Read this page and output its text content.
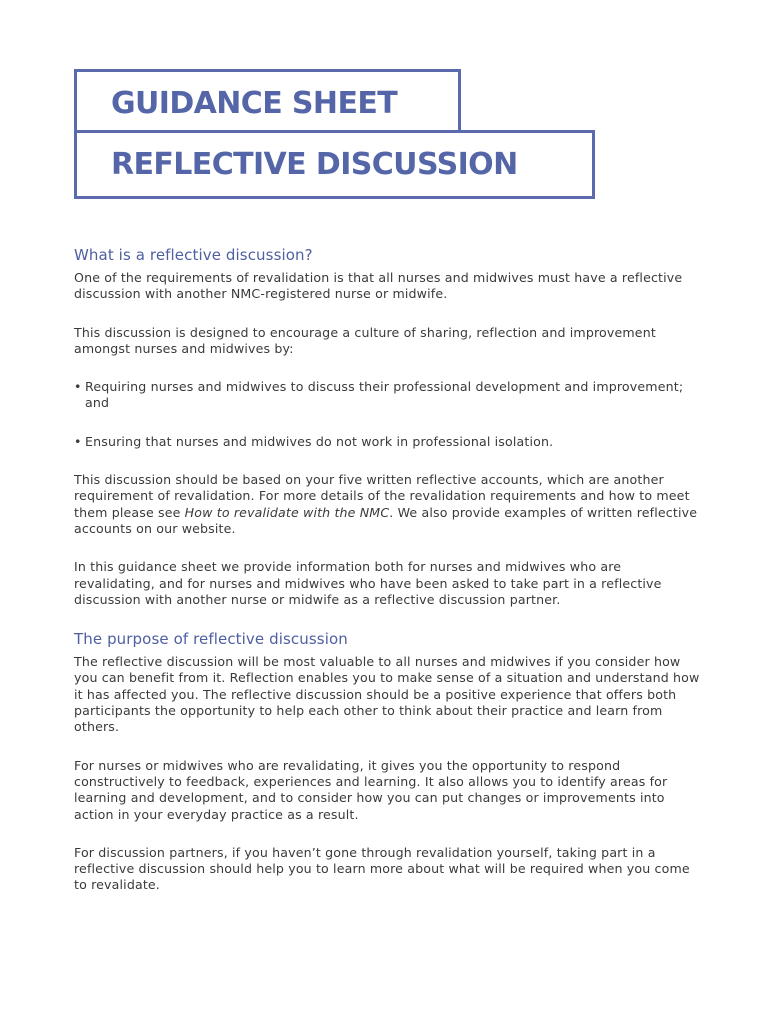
GUIDANCE SHEET
REFLECTIVE DISCUSSION
What is a reflective discussion?

One of the requirements of revalidation is that all nurses and midwives must have a reflective discussion with another NMC-registered nurse or midwife.

This discussion is designed to encourage a culture of sharing, reflection and improvement amongst nurses and midwives by:

• Requiring nurses and midwives to discuss their professional development and improvement; and
• Ensuring that nurses and midwives do not work in professional isolation.

This discussion should be based on your five written reflective accounts, which are another requirement of revalidation. For more details of the revalidation requirements and how to meet them please see How to revalidate with the NMC. We also provide examples of written reflective accounts on our website.

In this guidance sheet we provide information both for nurses and midwives who are revalidating, and for nurses and midwives who have been asked to take part in a reflective discussion with another nurse or midwife as a reflective discussion partner.

The purpose of reflective discussion

The reflective discussion will be most valuable to all nurses and midwives if you consider how you can benefit from it. Reflection enables you to make sense of a situation and understand how it has affected you. The reflective discussion should be a positive experience that offers both participants the opportunity to help each other to think about their practice and learn from others.

For nurses or midwives who are revalidating, it gives you the opportunity to respond constructively to feedback, experiences and learning. It also allows you to identify areas for learning and development, and to consider how you can put changes or improvements into action in your everyday practice as a result.

For discussion partners, if you haven’t gone through revalidation yourself, taking part in a reflective discussion should help you to learn more about what will be required when you come to revalidate.
